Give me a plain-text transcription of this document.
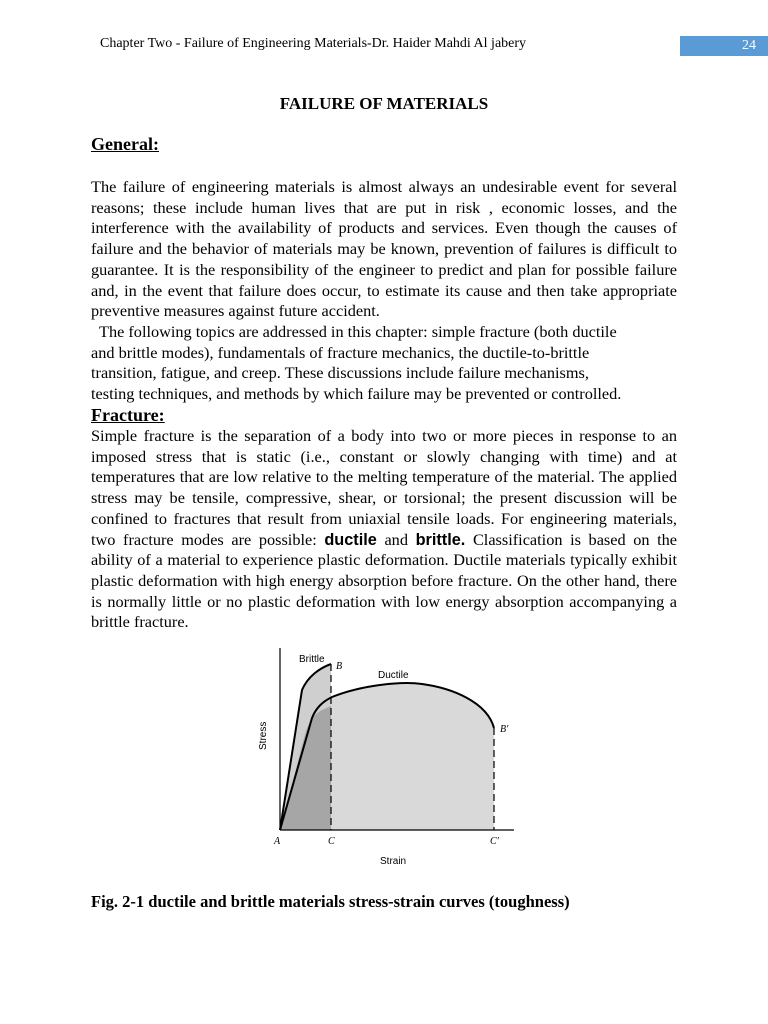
Chapter Two - Failure of Engineering Materials-Dr. Haider Mahdi Al jabery	24
FAILURE OF MATERIALS
General:
The failure of engineering materials is almost always an undesirable event for several reasons; these include human lives that are put in risk , economic losses, and the interference with the availability of products and services. Even though the causes of failure and the behavior of materials may be known, prevention of failures is difficult to guarantee. It is the responsibility of the engineer to predict and plan for possible failure and, in the event that failure does occur, to estimate its cause and then take appropriate preventive measures against future accident.
The following topics are addressed in this chapter: simple fracture (both ductile
and brittle modes), fundamentals of fracture mechanics, the ductile-to-brittle
transition, fatigue, and creep. These discussions include failure mechanisms,
testing techniques, and methods by which failure may be prevented or controlled.
Fracture:
Simple fracture is the separation of a body into two or more pieces in response to an imposed stress that is static (i.e., constant or slowly changing with time) and at temperatures that are low relative to the melting temperature of the material. The applied stress may be tensile, compressive, shear, or torsional; the present discussion will be confined to fractures that result from uniaxial tensile loads. For engineering materials, two fracture modes are possible: ductile and brittle. Classification is based on the ability of a material to experience plastic deformation. Ductile materials typically exhibit plastic deformation with high energy absorption before fracture. On the other hand, there is normally little or no plastic deformation with low energy absorption accompanying a brittle fracture.
Brittle
B
Ductile
B′
A	C	C′
Strain
Stress
Fig. 2-1 ductile and brittle materials stress-strain curves (toughness)
